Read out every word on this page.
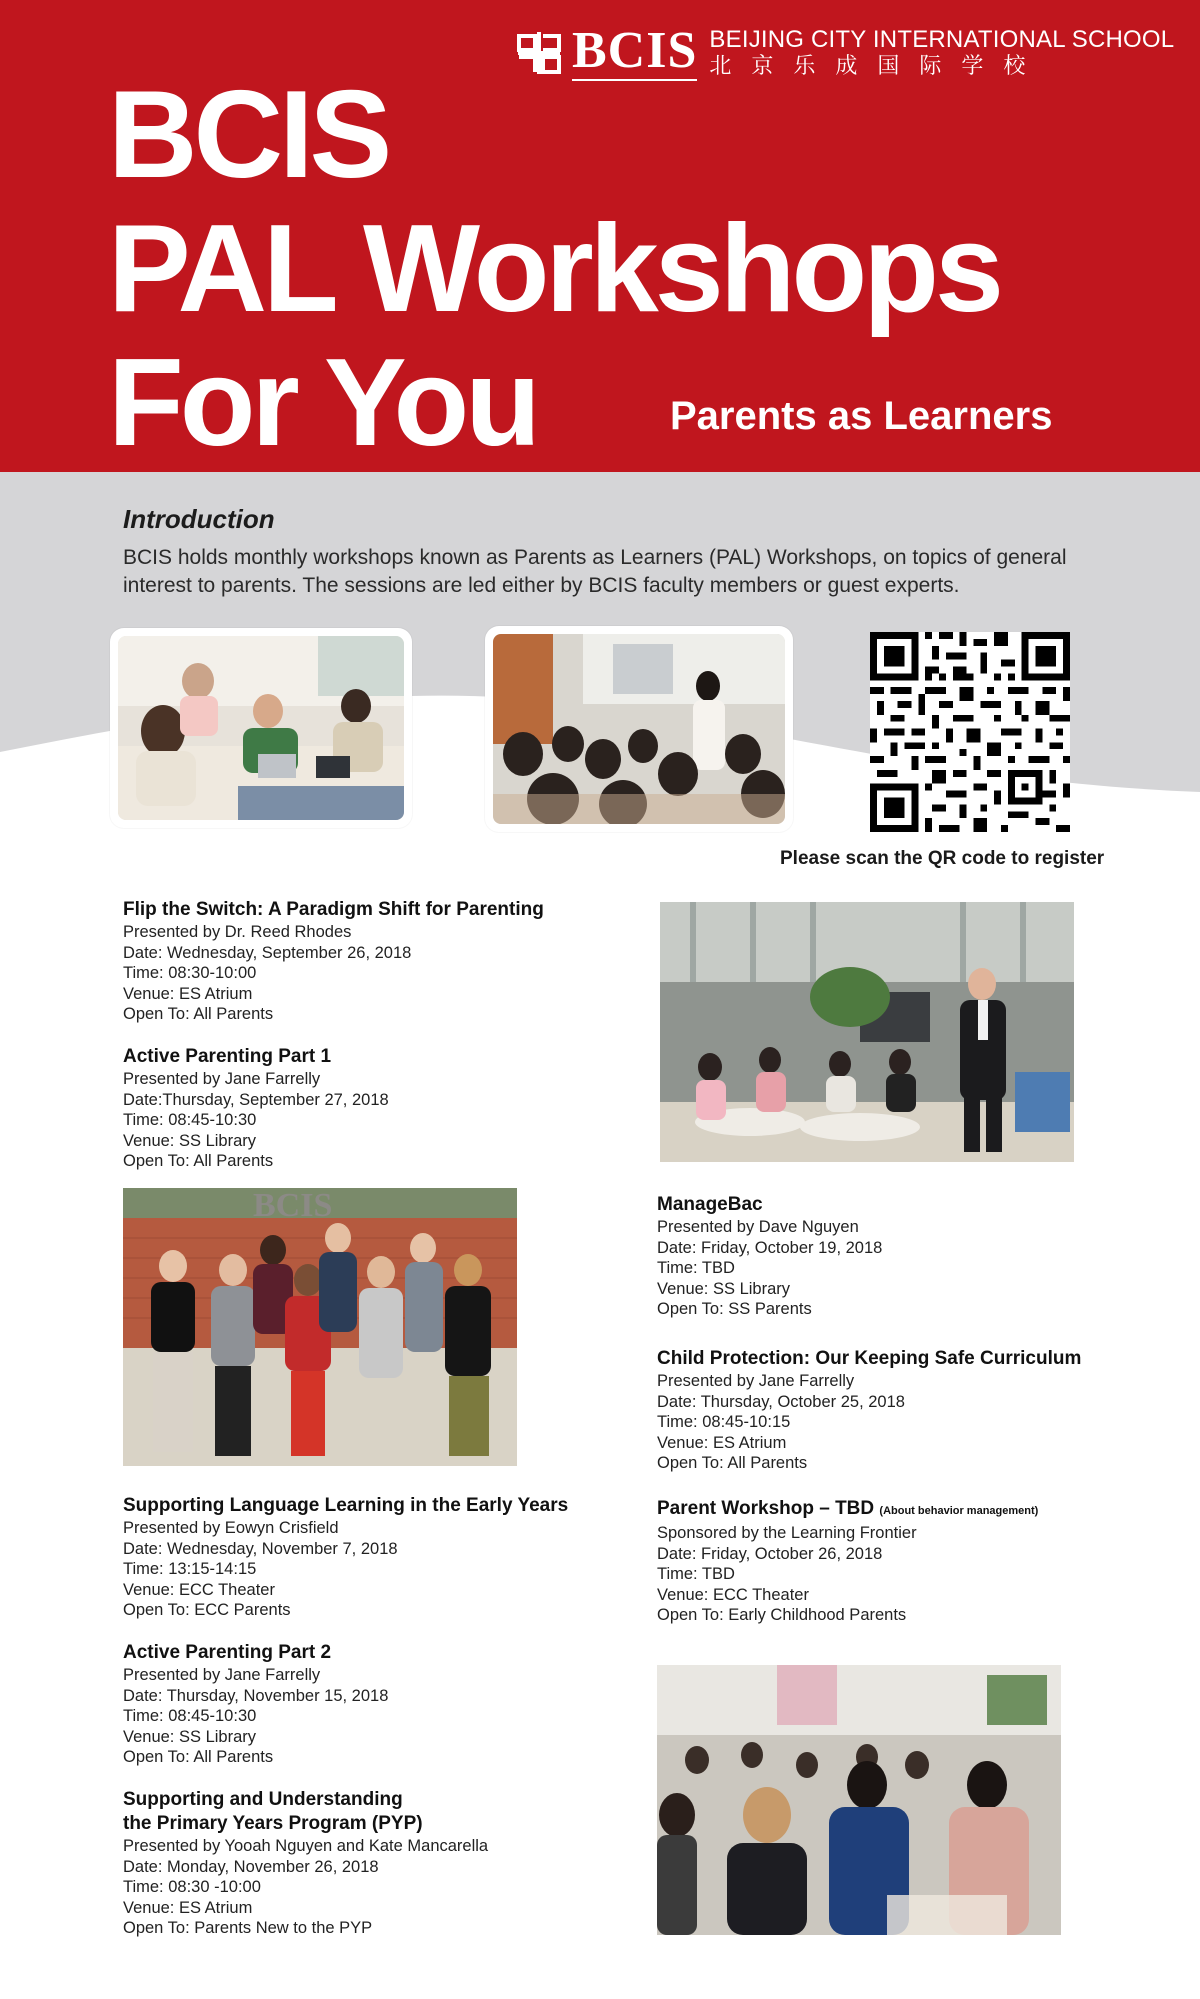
BCIS BEIJING CITY INTERNATIONAL SCHOOL
北京乐成国际学校
BCIS
PAL Workshops
For You	Parents as Learners
Introduction

BCIS holds monthly workshops known as Parents as Learners (PAL) Workshops, on topics of general interest to parents. The sessions are led either by BCIS faculty members or guest experts.

Please scan the QR code to register
Flip the Switch: A Paradigm Shift for Parenting
Presented by Dr. Reed Rhodes
Date: Wednesday, September 26, 2018
Time: 08:30-10:00
Venue: ES Atrium
Open To: All Parents
Active Parenting Part 1
Presented by Jane Farrelly
Date:Thursday, September 27, 2018
Time: 08:45-10:30
Venue: SS Library
Open To: All Parents
BCIS	ManageBac
Presented by Dave Nguyen
Date: Friday, October 19, 2018
Time: TBD
Venue: SS Library
Open To: SS Parents
Child Protection: Our Keeping Safe Curriculum
Presented by Jane Farrelly
Date: Thursday, October 25, 2018
Time: 08:45-10:15
Venue: ES Atrium
Open To: All Parents
Supporting Language Learning in the Early Years
Presented by Eowyn Crisfield
Date: Wednesday, November 7, 2018
Time: 13:15-14:15
Venue: ECC Theater
Open To: ECC Parents
Parent Workshop – TBD (About behavior management)
Sponsored by the Learning Frontier
Date: Friday, October 26, 2018
Time: TBD
Venue: ECC Theater
Open To: Early Childhood Parents
Active Parenting Part 2
Presented by Jane Farrelly
Date: Thursday, November 15, 2018
Time: 08:45-10:30
Venue: SS Library
Open To: All Parents
Supporting and Understanding
the Primary Years Program (PYP)
Presented by Yooah Nguyen and Kate Mancarella
Date: Monday, November 26, 2018
Time: 08:30 -10:00
Venue: ES Atrium
Open To: Parents New to the PYP
